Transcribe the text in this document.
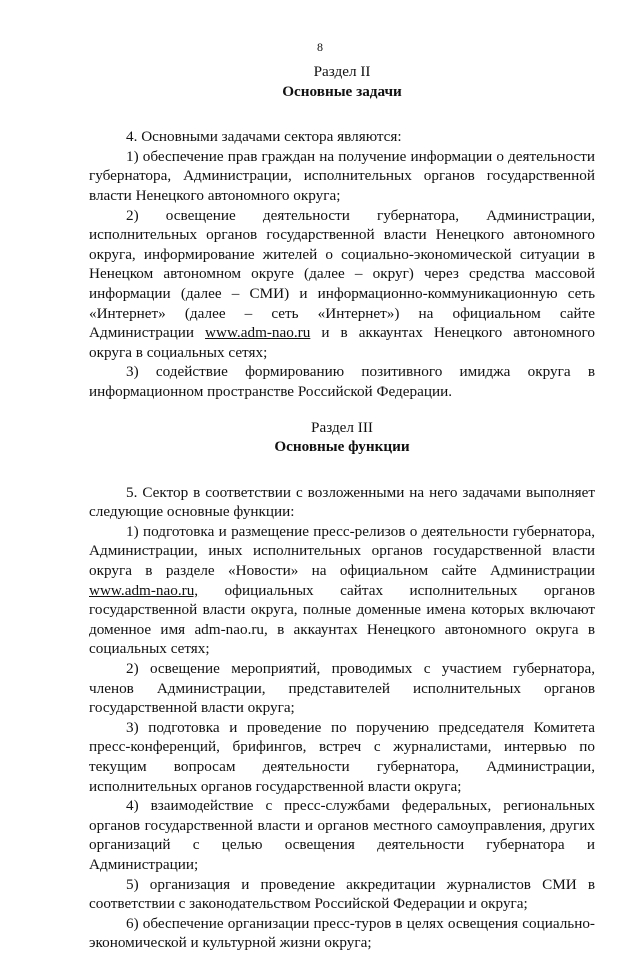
8
Раздел II
Основные задачи

4. Основными задачами сектора являются:

1) обеспечение прав граждан на получение информации о деятельности губернатора, Администрации, исполнительных органов государственной власти Ненецкого автономного округа;

2) освещение деятельности губернатора, Администрации, исполнительных органов государственной власти Ненецкого автономного округа, информирование жителей о социально-экономической ситуации в Ненецком автономном округе (далее – округ) через средства массовой информации (далее – СМИ) и информационно-коммуникационную сеть «Интернет» (далее – сеть «Интернет») на официальном сайте Администрации www.adm-nao.ru и в аккаунтах Ненецкого автономного округа в социальных сетях;

3) содействие формированию позитивного имиджа округа в информационном пространстве Российской Федерации.

Раздел III
Основные функции

5. Сектор в соответствии с возложенными на него задачами выполняет следующие основные функции:

1) подготовка и размещение пресс-релизов о деятельности губернатора, Администрации, иных исполнительных органов государственной власти округа в разделе «Новости» на официальном сайте Администрации www.adm-nao.ru, официальных сайтах исполнительных органов государственной власти округа, полные доменные имена которых включают доменное имя adm-nao.ru, в аккаунтах Ненецкого автономного округа в социальных сетях;

2) освещение мероприятий, проводимых с участием губернатора, членов Администрации, представителей исполнительных органов государственной власти округа;

3) подготовка и проведение по поручению председателя Комитета пресс-конференций, брифингов, встреч с журналистами, интервью по текущим вопросам деятельности губернатора, Администрации, исполнительных органов государственной власти округа;

4) взаимодействие с пресс-службами федеральных, региональных органов государственной власти и органов местного самоуправления, других организаций с целью освещения деятельности губернатора и Администрации;

5) организация и проведение аккредитации журналистов СМИ в соответствии с законодательством Российской Федерации и округа;

6) обеспечение организации пресс-туров в целях освещения социально-экономической и культурной жизни округа;
